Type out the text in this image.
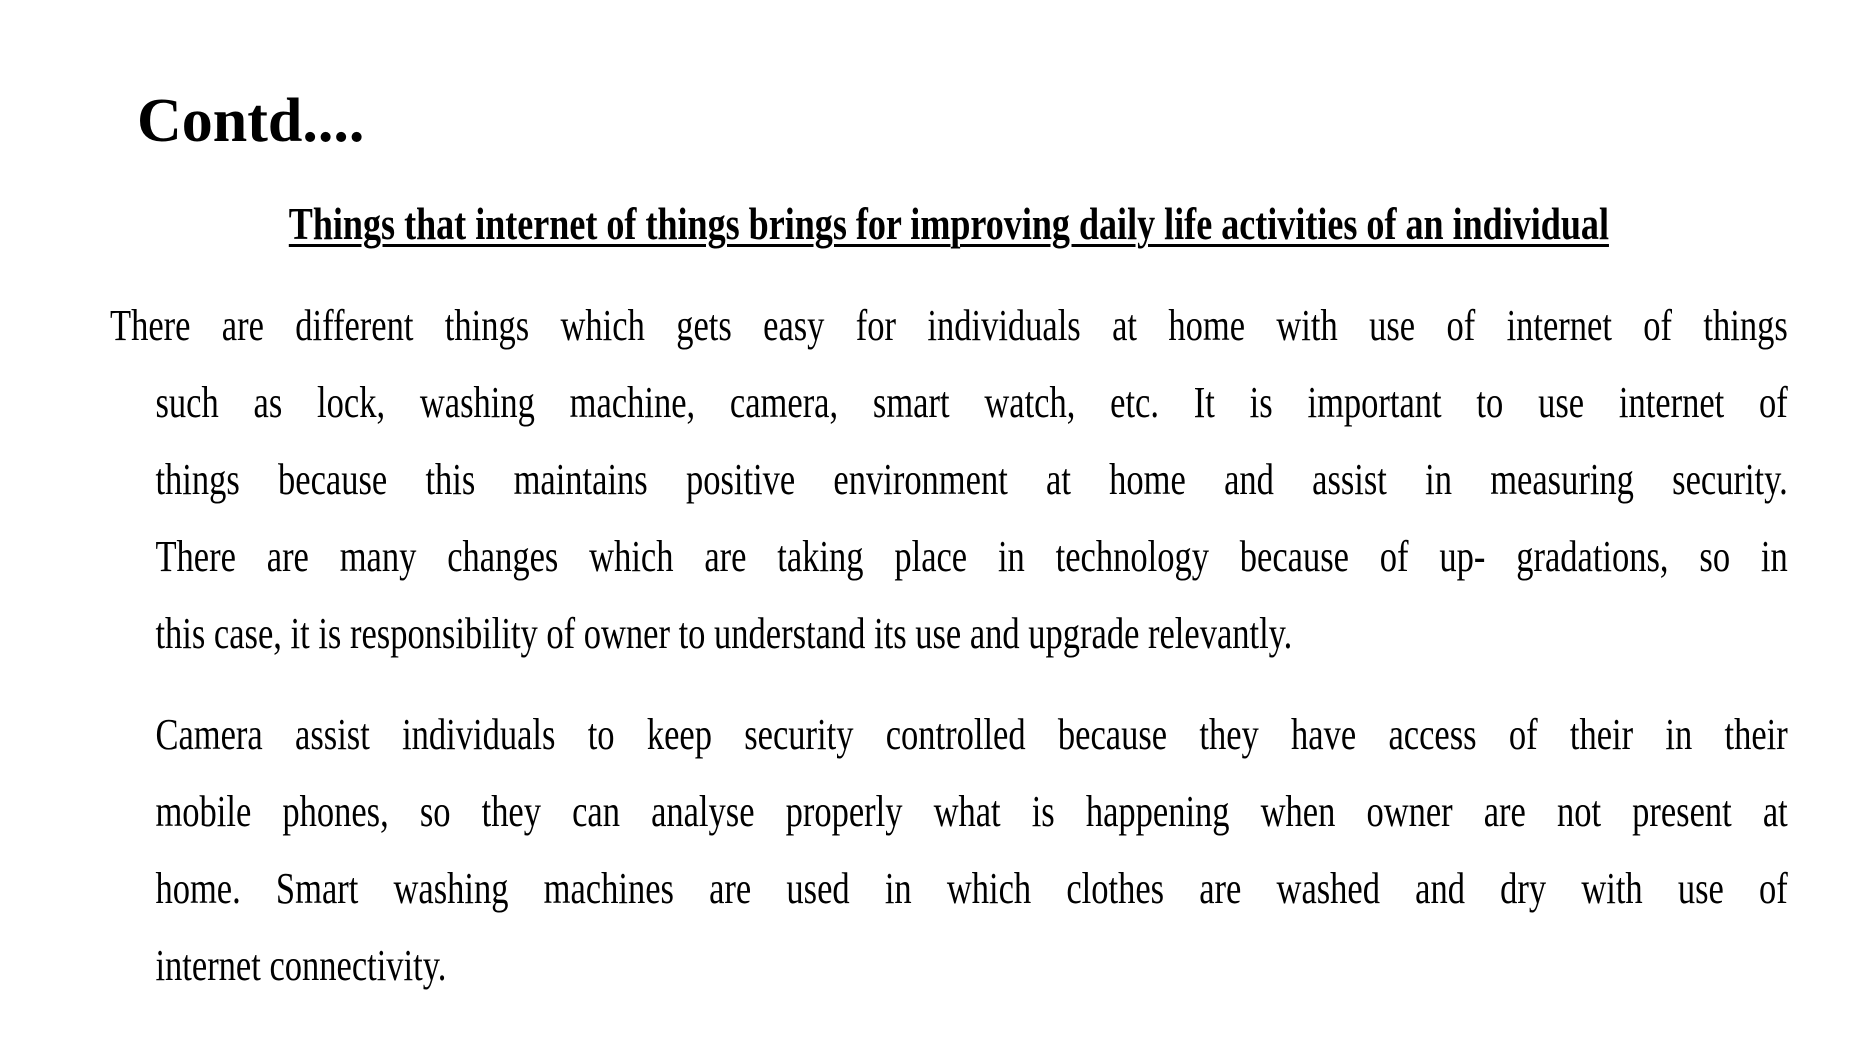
Contd....
Things that internet of things brings for improving daily life activities of an individual
There are different things which gets easy for individuals at home with use of internet of things
such as lock, washing machine, camera, smart watch, etc. It is important to use internet of
things because this maintains positive environment at home and assist in measuring security.
There are many changes which are taking place in technology because of up- gradations, so in
this case, it is responsibility of owner to understand its use and upgrade relevantly.
Camera assist individuals to keep security controlled because they have access of their in their
mobile phones, so they can analyse properly what is happening when owner are not present at
home. Smart washing machines are used in which clothes are washed and dry with use of
internet connectivity.
